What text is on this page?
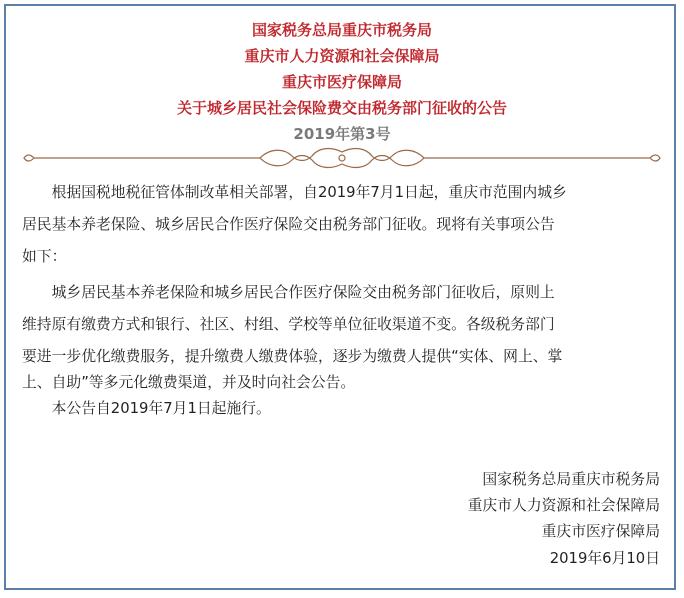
国家税务总局重庆市税务局
重庆市人力资源和社会保障局
重庆市医疗保障局
关于城乡居民社会保险费交由税务部门征收的公告
2019年第3号
　　根据国税地税征管体制改革相关部署，自2019年7月1日起，重庆市范围内城乡
居民基本养老保险、城乡居民合作医疗保险交由税务部门征收。现将有关事项公告
如下：
　　城乡居民基本养老保险和城乡居民合作医疗保险交由税务部门征收后，原则上
维持原有缴费方式和银行、社区、村组、学校等单位征收渠道不变。各级税务部门
要进一步优化缴费服务，提升缴费人缴费体验，逐步为缴费人提供“实体、网上、掌
上、自助”等多元化缴费渠道，并及时向社会公告。
　　本公告自2019年7月1日起施行。
国家税务总局重庆市税务局
重庆市人力资源和社会保障局
重庆市医疗保障局
2019年6月10日
